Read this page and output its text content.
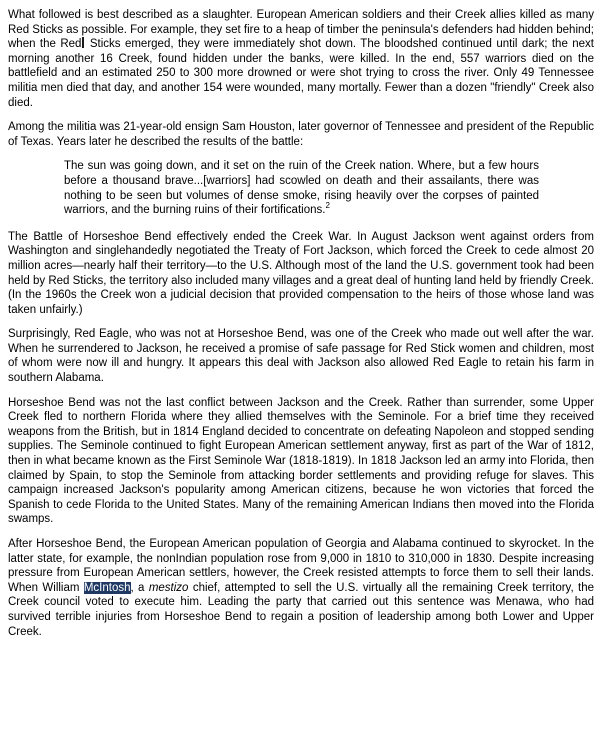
What followed is best described as a slaughter. European American soldiers and their Creek allies killed as many Red Sticks as possible. For example, they set fire to a heap of timber the peninsula's defenders had hidden behind; when the Red Sticks emerged, they were immediately shot down. The bloodshed continued until dark; the next morning another 16 Creek, found hidden under the banks, were killed. In the end, 557 warriors died on the battlefield and an estimated 250 to 300 more drowned or were shot trying to cross the river. Only 49 Tennessee militia men died that day, and another 154 were wounded, many mortally. Fewer than a dozen "friendly" Creek also died.

Among the militia was 21-year-old ensign Sam Houston, later governor of Tennessee and president of the Republic of Texas. Years later he described the results of the battle:

The sun was going down, and it set on the ruin of the Creek nation. Where, but a few hours before a thousand brave...[warriors] had scowled on death and their assailants, there was nothing to be seen but volumes of dense smoke, rising heavily over the corpses of painted warriors, and the burning ruins of their fortifications.$^2$

The Battle of Horseshoe Bend effectively ended the Creek War. In August Jackson went against orders from Washington and singlehandedly negotiated the Treaty of Fort Jackson, which forced the Creek to cede almost 20 million acres—nearly half their territory—to the U.S. Although most of the land the U.S. government took had been held by Red Sticks, the territory also included many villages and a great deal of hunting land held by friendly Creek. (In the 1960s the Creek won a judicial decision that provided compensation to the heirs of those whose land was taken unfairly.)

Surprisingly, Red Eagle, who was not at Horseshoe Bend, was one of the Creek who made out well after the war. When he surrendered to Jackson, he received a promise of safe passage for Red Stick women and children, most of whom were now ill and hungry. It appears this deal with Jackson also allowed Red Eagle to retain his farm in southern Alabama.

Horseshoe Bend was not the last conflict between Jackson and the Creek. Rather than surrender, some Upper Creek fled to northern Florida where they allied themselves with the Seminole. For a brief time they received weapons from the British, but in 1814 England decided to concentrate on defeating Napoleon and stopped sending supplies. The Seminole continued to fight European American settlement anyway, first as part of the War of 1812, then in what became known as the First Seminole War (1818-1819). In 1818 Jackson led an army into Florida, then claimed by Spain, to stop the Seminole from attacking border settlements and providing refuge for slaves. This campaign increased Jackson's popularity among American citizens, because he won victories that forced the Spanish to cede Florida to the United States. Many of the remaining American Indians then moved into the Florida swamps.

After Horseshoe Bend, the European American population of Georgia and Alabama continued to skyrocket. In the latter state, for example, the nonIndian population rose from 9,000 in 1810 to 310,000 in 1830. Despite increasing pressure from European American settlers, however, the Creek resisted attempts to force them to sell their lands. When William McIntosh, a mestizo chief, attempted to sell the U.S. virtually all the remaining Creek territory, the Creek council voted to execute him. Leading the party that carried out this sentence was Menawa, who had survived terrible injuries from Horseshoe Bend to regain a position of leadership among both Lower and Upper Creek.
